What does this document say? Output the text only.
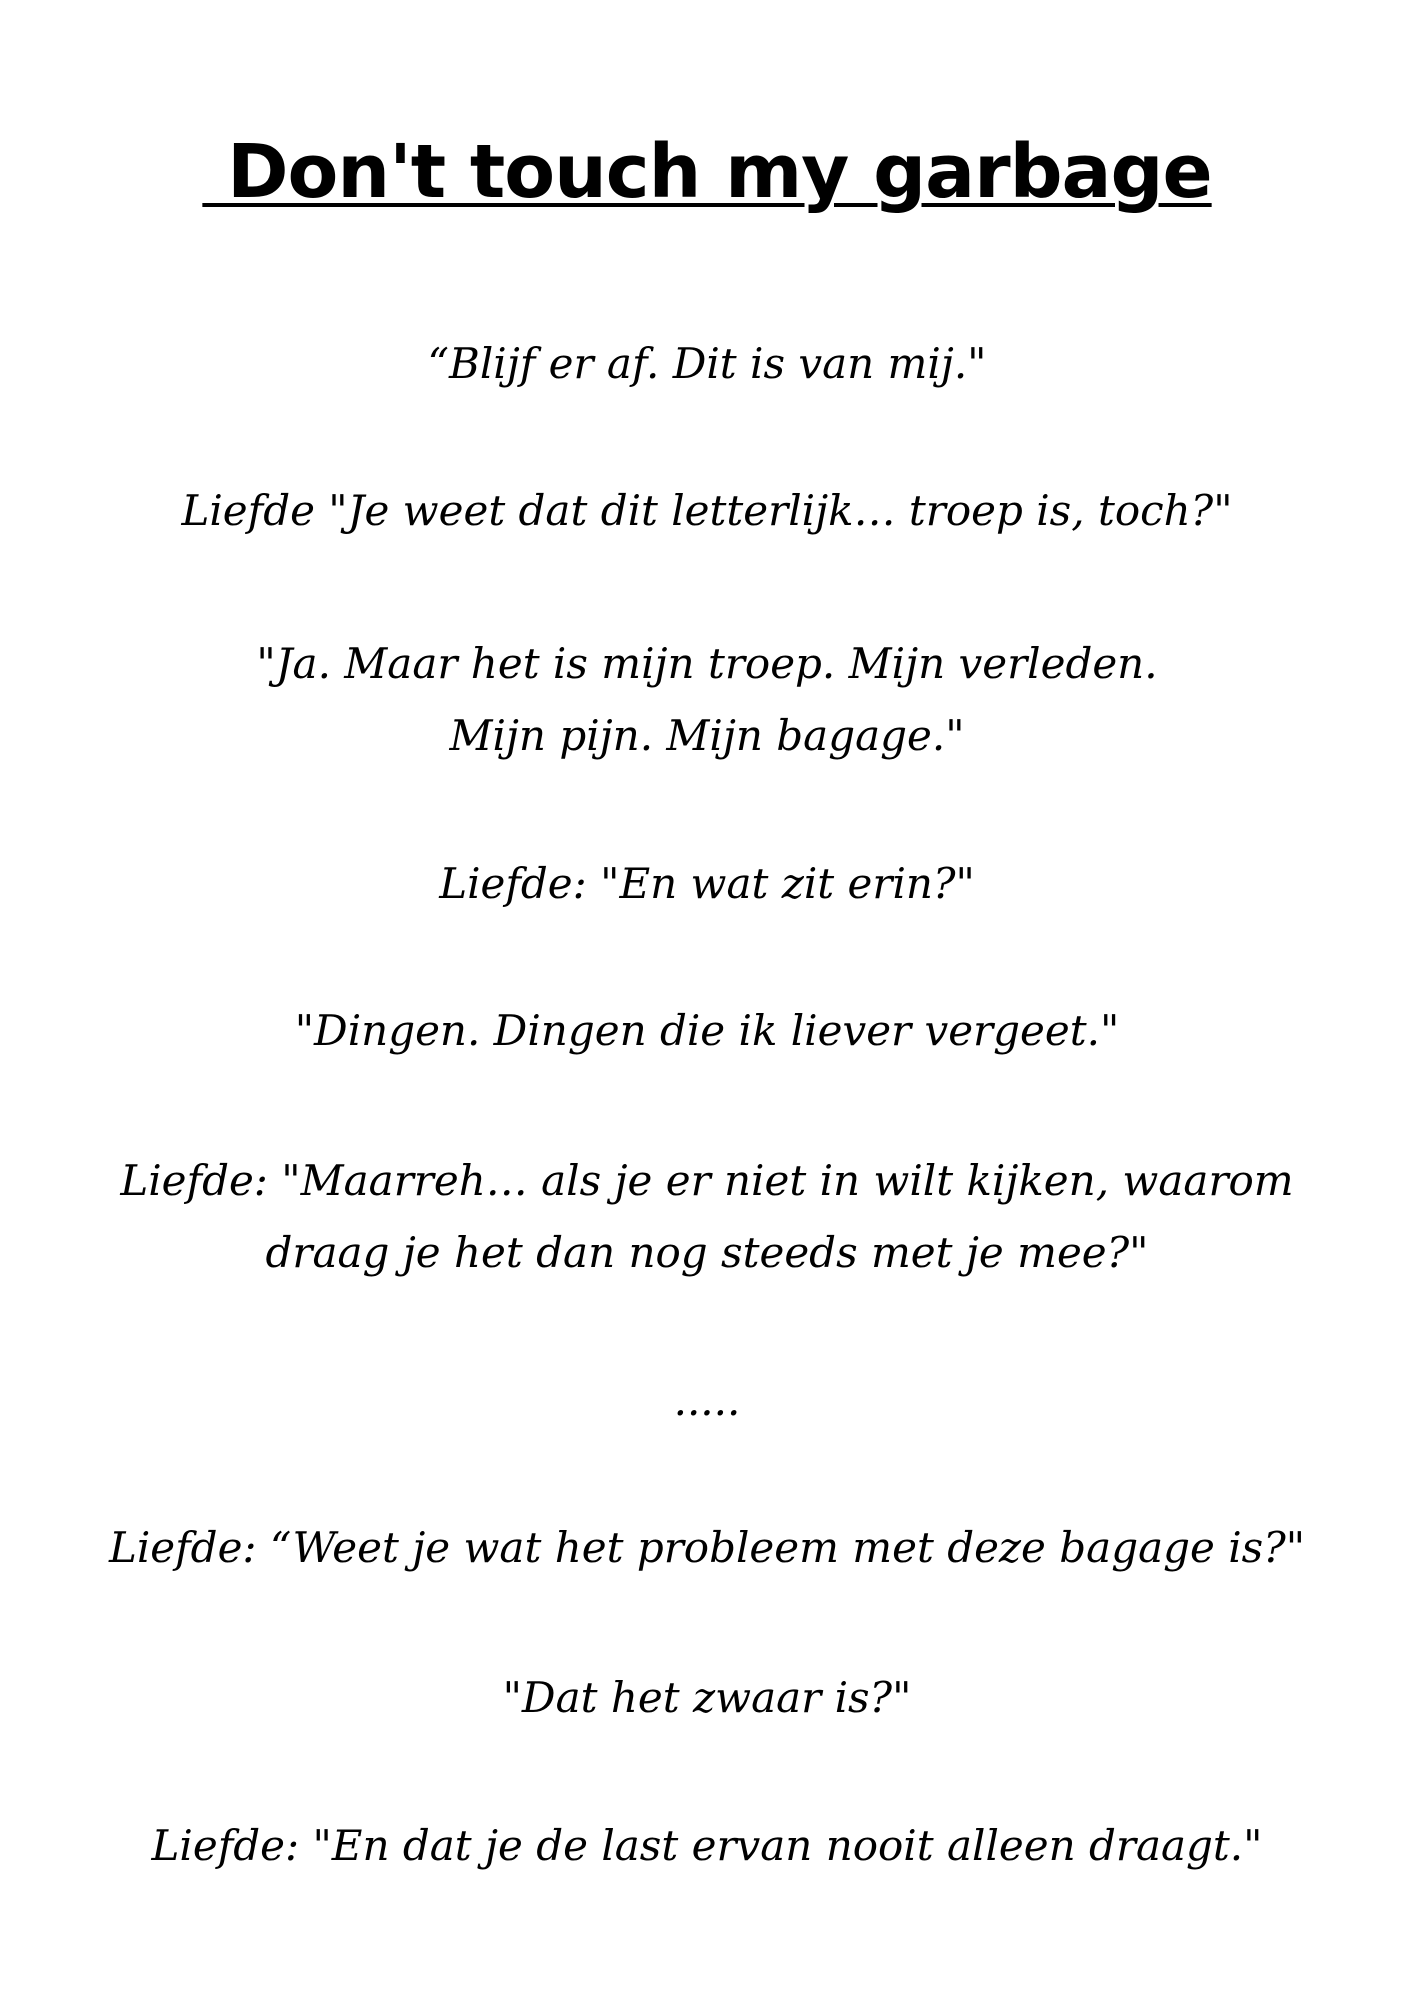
Don't touch my garbage

“Blijf er af. Dit is van mij."

Liefde "Je weet dat dit letterlijk… troep is, toch?"

"Ja. Maar het is mijn troep. Mijn verleden.

Mijn pijn. Mijn bagage."

Liefde: "En wat zit erin?"

"Dingen. Dingen die ik liever vergeet."

Liefde: "Maarreh… als je er niet in wilt kijken, waarom

draag je het dan nog steeds met je mee?"

.....

Liefde: “Weet je wat het probleem met deze bagage is?"

"Dat het zwaar is?"

Liefde: "En dat je de last ervan nooit alleen draagt."
